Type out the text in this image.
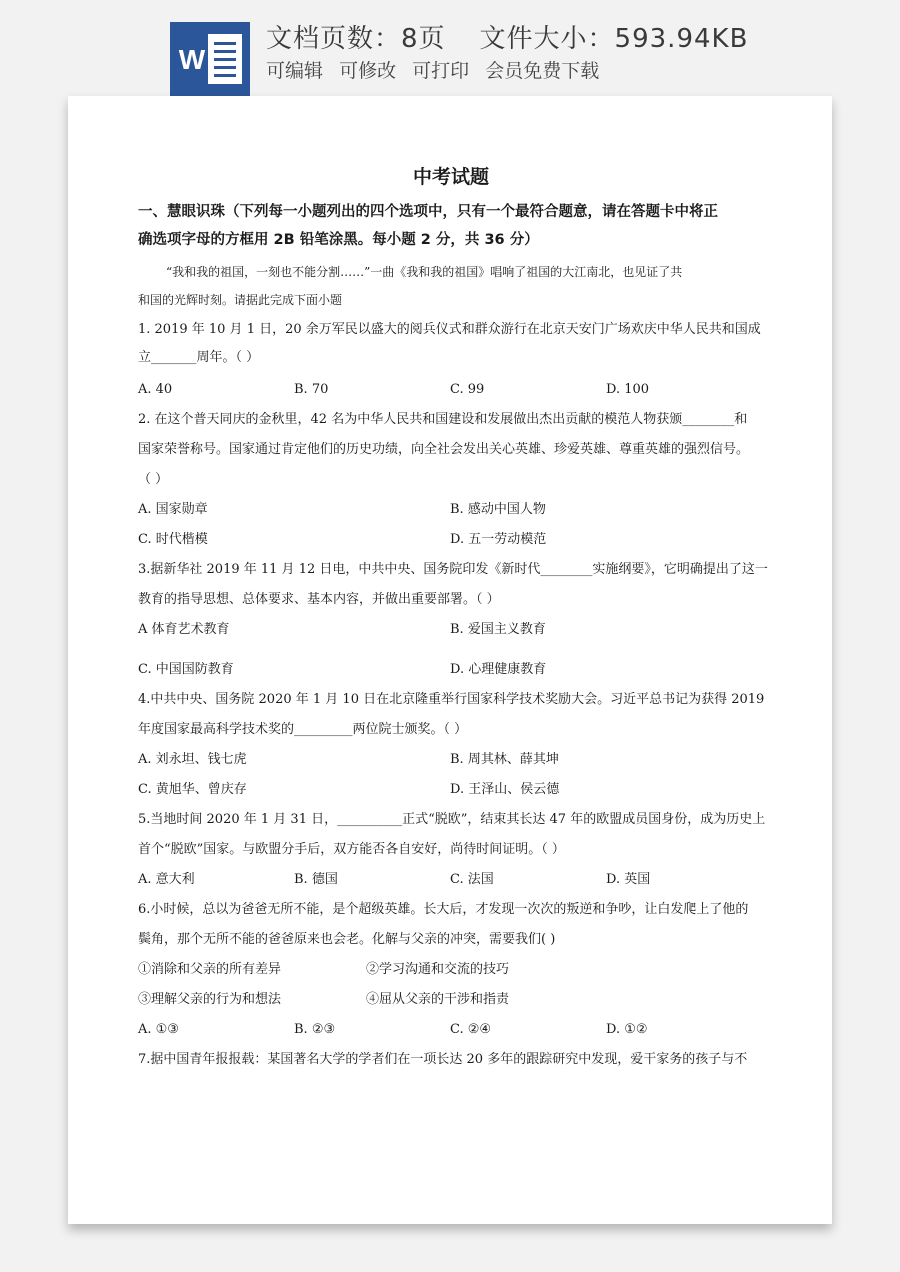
W
文档页数：8页 文件大小：593.94KB
可编辑 可修改 可打印 会员免费下载
中考试题
一、慧眼识珠（下列每一小题列出的四个选项中，只有一个最符合题意，请在答题卡中将正
确选项字母的方框用 2B 铅笔涂黑。每小题 2 分，共 36 分）
“我和我的祖国，一刻也不能分割……”一曲《我和我的祖国》唱响了祖国的大江南北，也见证了共
和国的光辉时刻。请据此完成下面小题
1. 2019 年 10 月 1 日，20 余万军民以盛大的阅兵仪式和群众游行在北京天安门广场欢庆中华人民共和国成
立_______周年。（ ）
A. 40	B. 70	C. 99	D. 100
2. 在这个普天同庆的金秋里，42 名为中华人民共和国建设和发展做出杰出贡献的模范人物获颁________和
国家荣誉称号。国家通过肯定他们的历史功绩，向全社会发出关心英雄、珍爱英雄、尊重英雄的强烈信号。
（ ）
A. 国家勋章	B. 感动中国人物
C. 时代楷模	D. 五一劳动模范
3.据新华社 2019 年 11 月 12 日电，中共中央、国务院印发《新时代________实施纲要》，它明确提出了这一
教育的指导思想、总体要求、基本内容，并做出重要部署。（ ）
A 体育艺术教育	B. 爱国主义教育
C. 中国国防教育	D. 心理健康教育
4.中共中央、国务院 2020 年 1 月 10 日在北京隆重举行国家科学技术奖励大会。习近平总书记为获得 2019
年度国家最高科学技术奖的_________两位院士颁奖。（ ）
A. 刘永坦、钱七虎	B. 周其林、薛其坤
C. 黄旭华、曾庆存	D. 王泽山、侯云德
5.当地时间 2020 年 1 月 31 日，__________正式“脱欧”，结束其长达 47 年的欧盟成员国身份，成为历史上
首个“脱欧”国家。与欧盟分手后，双方能否各自安好，尚待时间证明。（ ）
A. 意大利	B. 德国	C. 法国	D. 英国
6.小时候，总以为爸爸无所不能，是个超级英雄。长大后，才发现一次次的叛逆和争吵，让白发爬上了他的
鬓角，那个无所不能的爸爸原来也会老。化解与父亲的冲突，需要我们( )
①消除和父亲的所有差异	②学习沟通和交流的技巧
③理解父亲的行为和想法	④屈从父亲的干涉和指责
A. ①③	B. ②③	C. ②④	D. ①②
7.据中国青年报报载：某国著名大学的学者们在一项长达 20 多年的跟踪研究中发现，爱干家务的孩子与不
